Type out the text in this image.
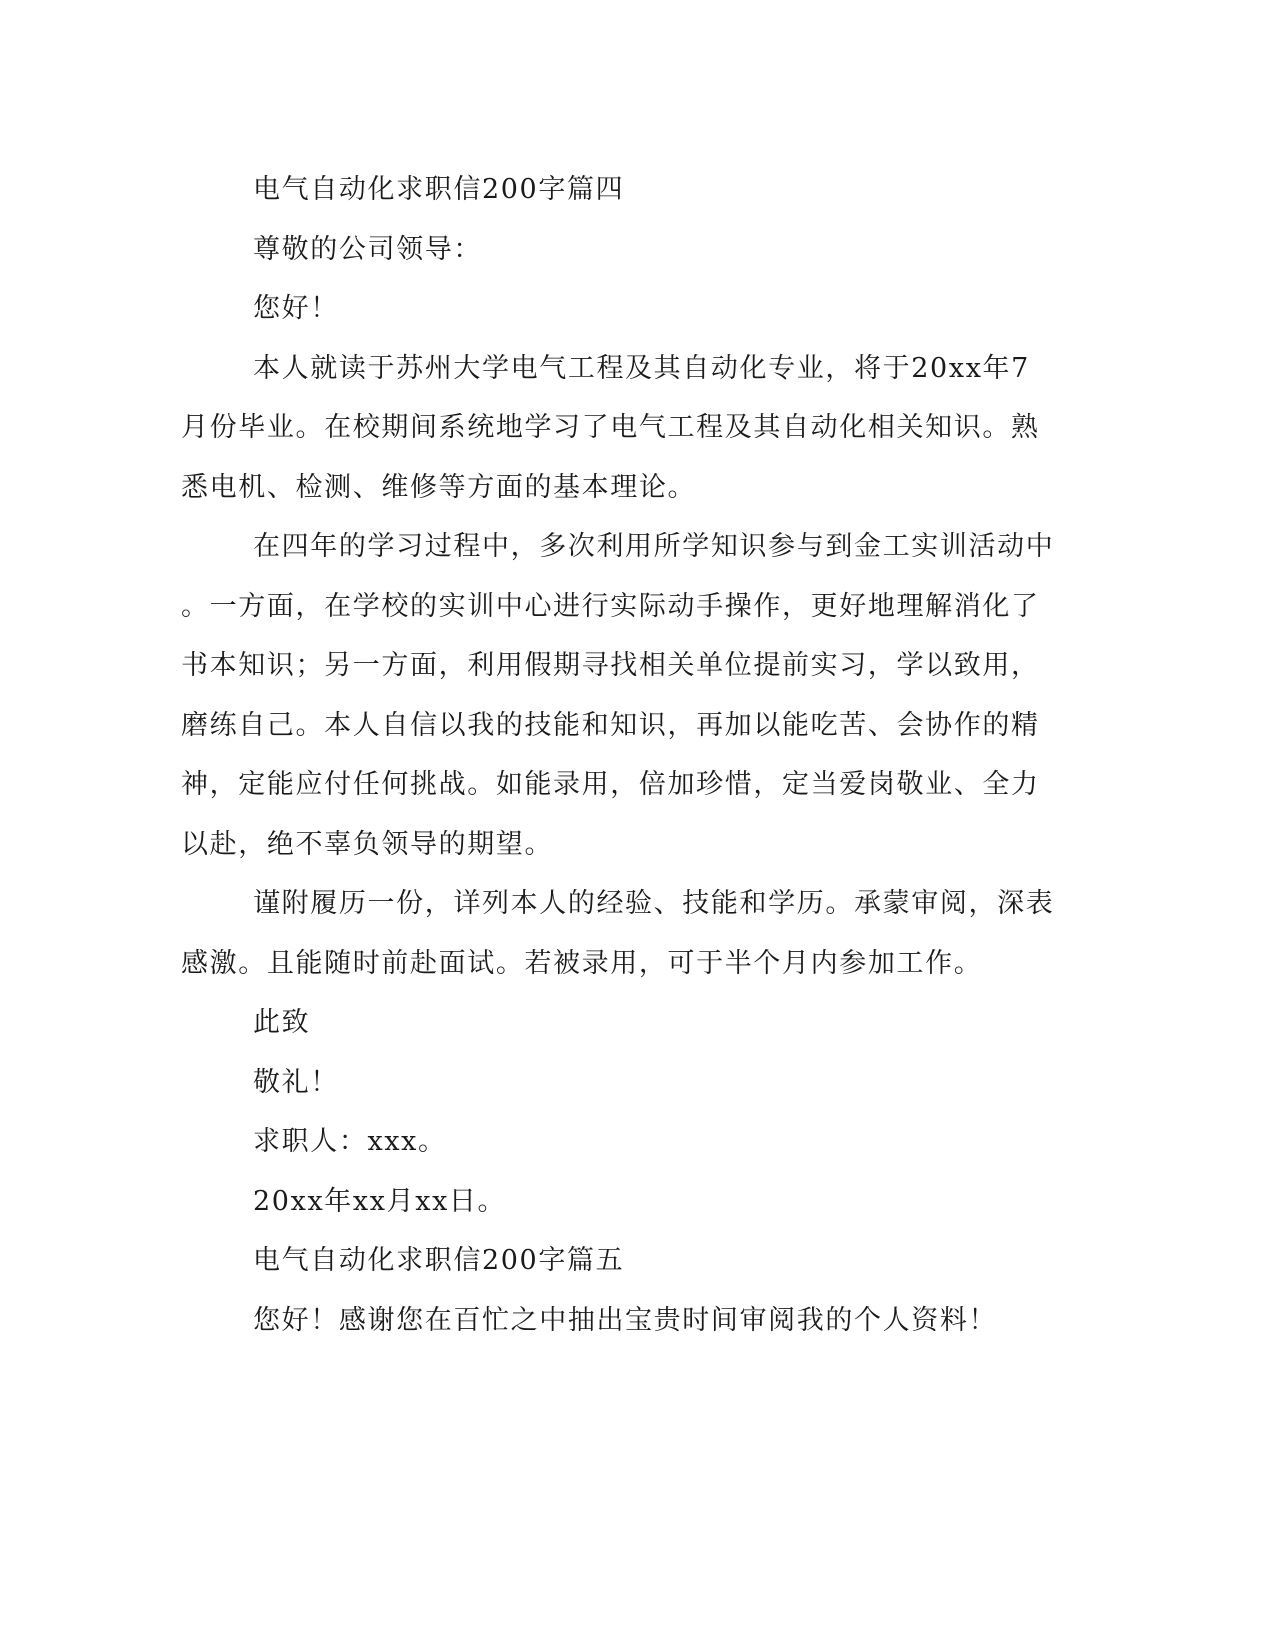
电气自动化求职信200字篇四

尊敬的公司领导：

您好！

本人就读于苏州大学电气工程及其自动化专业，将于20xx年7
月份毕业。在校期间系统地学习了电气工程及其自动化相关知识。熟
悉电机、检测、维修等方面的基本理论。
在四年的学习过程中，多次利用所学知识参与到金工实训活动中
。一方面，在学校的实训中心进行实际动手操作，更好地理解消化了
书本知识；另一方面，利用假期寻找相关单位提前实习，学以致用，
磨练自己。本人自信以我的技能和知识，再加以能吃苦、会协作的精
神，定能应付任何挑战。如能录用，倍加珍惜，定当爱岗敬业、全力
以赴，绝不辜负领导的期望。
谨附履历一份，详列本人的经验、技能和学历。承蒙审阅，深表
感激。且能随时前赴面试。若被录用，可于半个月内参加工作。

此致

敬礼！

求职人：xxx。

20xx年xx月xx日。

电气自动化求职信200字篇五

您好！感谢您在百忙之中抽出宝贵时间审阅我的个人资料！
